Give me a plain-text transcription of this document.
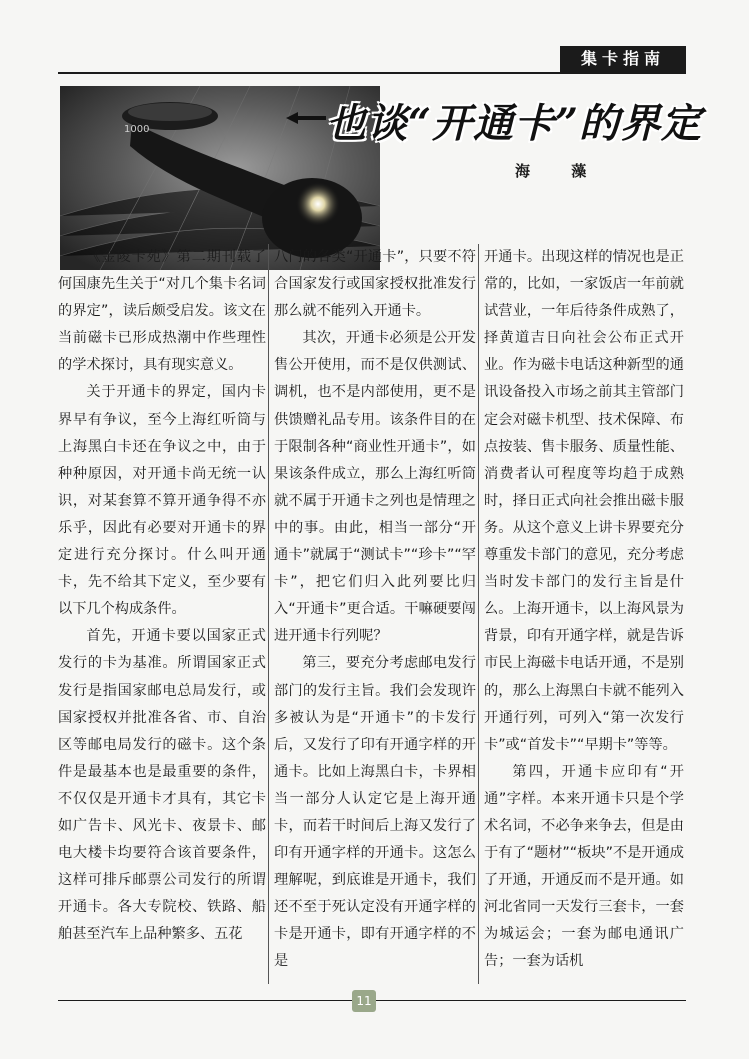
集卡指南
1000	也谈“开通卡”的界定
海 藻

《金陵卡苑》第二期刊载了何国康先生关于“对几个集卡名词的界定”，读后颇受启发。该文在当前磁卡已形成热潮中作些理性的学术探讨，具有现实意义。

关于开通卡的界定，国内卡界早有争议，至今上海红听筒与上海黑白卡还在争议之中，由于种种原因，对开通卡尚无统一认识，对某套算不算开通争得不亦乐乎，因此有必要对开通卡的界定进行充分探讨。什么叫开通卡，先不给其下定义，至少要有以下几个构成条件。

首先，开通卡要以国家正式发行的卡为基准。所谓国家正式发行是指国家邮电总局发行，或国家授权并批准各省、市、自治区等邮电局发行的磁卡。这个条件是最基本也是最重要的条件，不仅仅是开通卡才具有，其它卡如广告卡、风光卡、夜景卡、邮电大楼卡均要符合该首要条件，这样可排斥邮票公司发行的所谓开通卡。各大专院校、铁路、船舶甚至汽车上品种繁多、五花

八门的各类“开通卡”，只要不符合国家发行或国家授权批准发行那么就不能列入开通卡。

其次，开通卡必须是公开发售公开使用，而不是仅供测试、调机，也不是内部使用，更不是供馈赠礼品专用。该条件目的在于限制各种“商业性开通卡”，如果该条件成立，那么上海红听筒就不属于开通卡之列也是情理之中的事。由此，相当一部分“开通卡”就属于“测试卡”“珍卡”“罕卡”，把它们归入此列要比归入“开通卡”更合适。干嘛硬要闯进开通卡行列呢？

第三，要充分考虑邮电发行部门的发行主旨。我们会发现许多被认为是“开通卡”的卡发行后，又发行了印有开通字样的开通卡。比如上海黑白卡，卡界相当一部分人认定它是上海开通卡，而若干时间后上海又发行了印有开通字样的开通卡。这怎么理解呢，到底谁是开通卡，我们还不至于死认定没有开通字样的卡是开通卡，即有开通字样的不是

开通卡。出现这样的情况也是正常的，比如，一家饭店一年前就试营业，一年后待条件成熟了，择黄道吉日向社会公布正式开业。作为磁卡电话这种新型的通讯设备投入市场之前其主管部门定会对磁卡机型、技术保障、布点按装、售卡服务、质量性能、消费者认可程度等均趋于成熟时，择日正式向社会推出磁卡服务。从这个意义上讲卡界要充分尊重发卡部门的意见，充分考虑当时发卡部门的发行主旨是什么。上海开通卡，以上海风景为背景，印有开通字样，就是告诉市民上海磁卡电话开通，不是别的，那么上海黑白卡就不能列入开通行列，可列入“第一次发行卡”或“首发卡”“早期卡”等等。

第四，开通卡应印有“开通”字样。本来开通卡只是个学术名词，不必争来争去，但是由于有了“题材”“板块”不是开通成了开通，开通反而不是开通。如河北省同一天发行三套卡，一套为城运会；一套为邮电通讯广告；一套为话机

11
